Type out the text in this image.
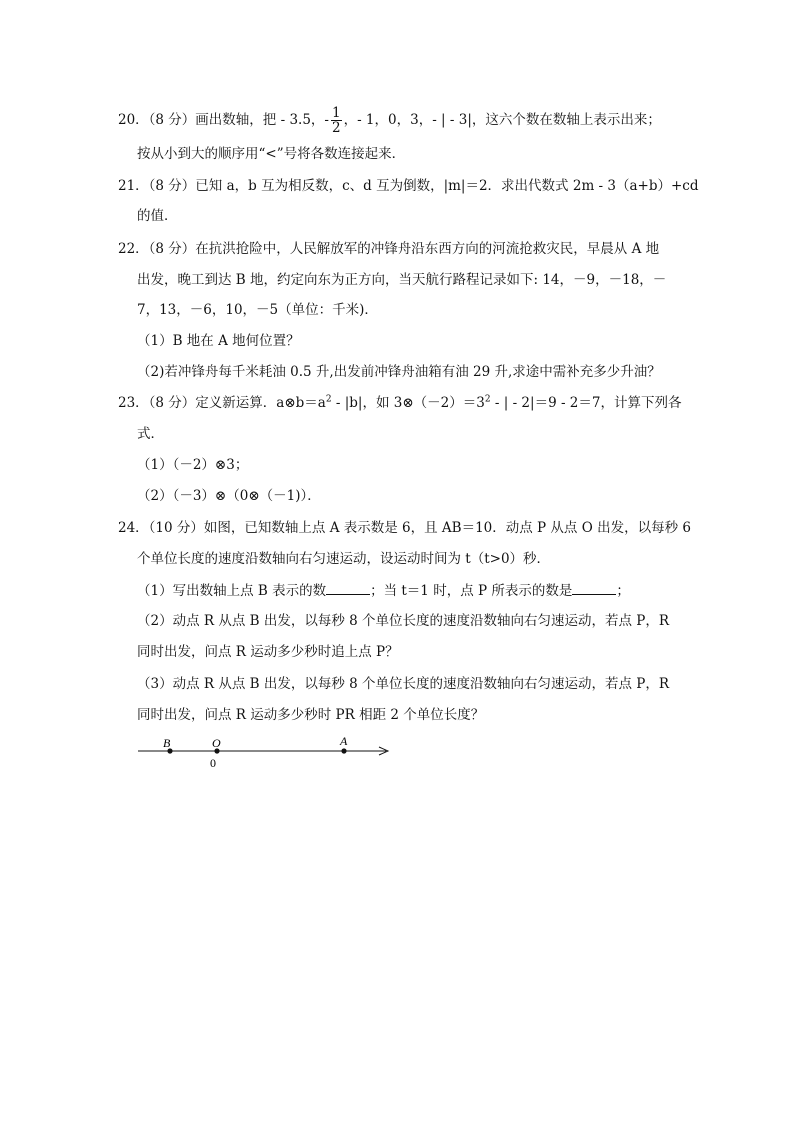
20．（8 分）画出数轴，把 - 3.5，- $\frac{1}{2}$ ，- 1，0，3，- | - 3|，这六个数在数轴上表示出来；
按从小到大的顺序用“<”号将各数连接起来．
21．（8 分）已知 a，b 互为相反数，c、d 互为倒数，|m|＝2．求出代数式 2m - 3（a+b）+cd
的值．
22．（8 分）在抗洪抢险中，人民解放军的冲锋舟沿东西方向的河流抢救灾民，早晨从 A 地
出发，晚工到达 B 地，约定向东为正方向，当天航行路程记录如下: 14，－9，－18，－
7，13，－6，10，－5（单位：千米)．
（1）B 地在 A 地何位置？
（2)若冲锋舟每千米耗油 0.5 升,出发前冲锋舟油箱有油 29 升,求途中需补充多少升油？
23．（8 分）定义新运算．$a\otimes b=a^2 - |b|$，如 $3\otimes(-2)=3^2$ - | - 2|＝9 - 2＝7，计算下列各
式．
（1）（－2）⊗3；
（2）（－3）⊗（0⊗（－1)）．
24．（10 分）如图，已知数轴上点 A 表示数是 6，且 AB＝10．动点 P 从点 O 出发，以每秒 6
个单位长度的速度沿数轴向右匀速运动，设运动时间为 t（t>0）秒．
（1）写出数轴上点 B 表示的数	；当 t＝1 时，点 P 所表示的数是	；
（2）动点 R 从点 B 出发，以每秒 8 个单位长度的速度沿数轴向右匀速运动，若点 P，R
同时出发，问点 R 运动多少秒时追上点 P？
（3）动点 R 从点 B 出发，以每秒 8 个单位长度的速度沿数轴向右匀速运动，若点 P，R
同时出发，问点 R 运动多少秒时 PR 相距 2 个单位长度？
B	O	A
0
